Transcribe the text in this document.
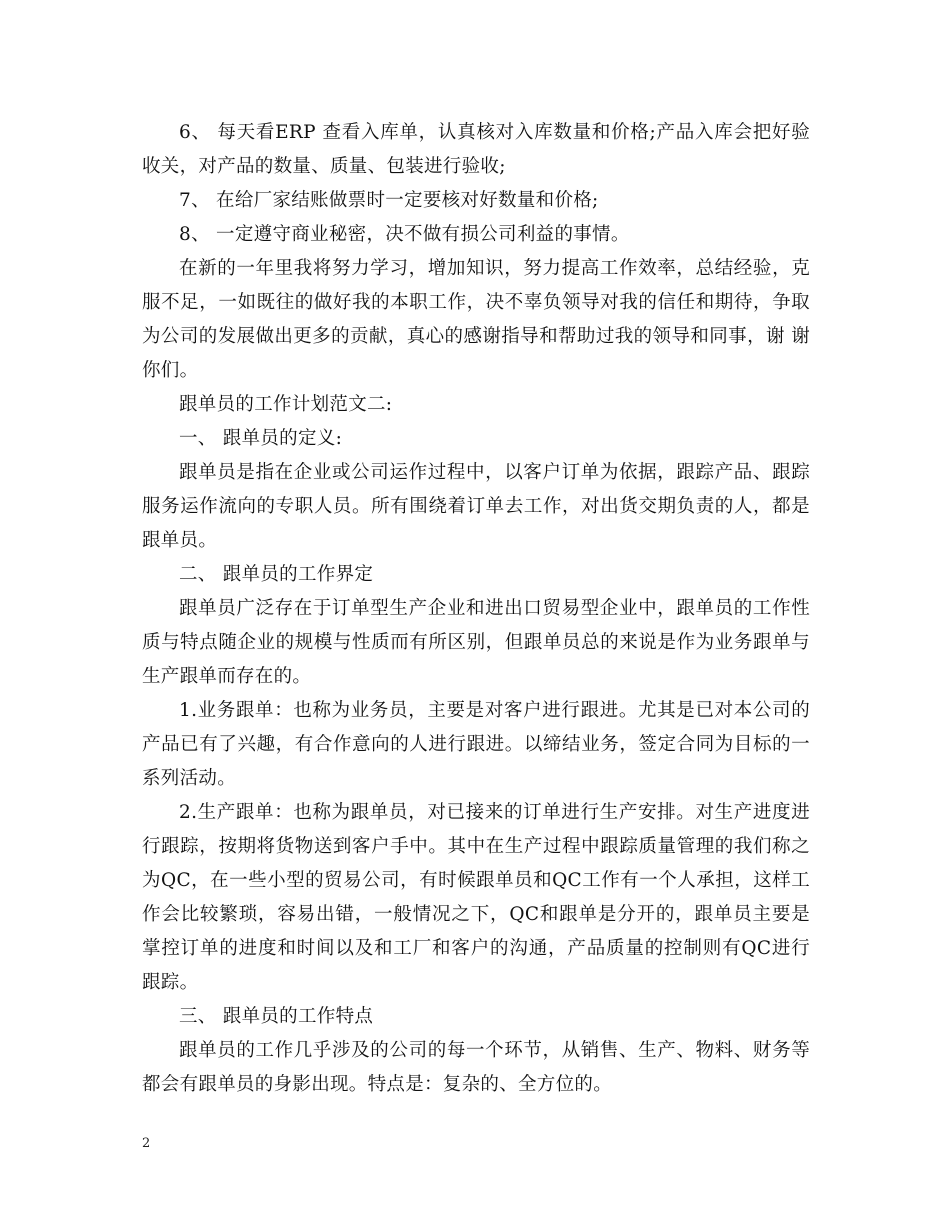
6、 每天看ERP 查看入库单，认真核对入库数量和价格;产品入库会把好验收关，对产品的数量、质量、包装进行验收;

7、 在给厂家结账做票时一定要核对好数量和价格;

8、 一定遵守商业秘密，决不做有损公司利益的事情。

在新的一年里我将努力学习，增加知识，努力提高工作效率，总结经验，克服不足，一如既往的做好我的本职工作，决不辜负领导对我的信任和期待，争取 为公司的发展做出更多的贡献，真心的感谢指导和帮助过我的领导和同事，谢 谢你们。

跟单员的工作计划范文二:

一、 跟单员的定义:

跟单员是指在企业或公司运作过程中，以客户订单为依据，跟踪产品、跟踪服务运作流向的专职人员。所有围绕着订单去工作，对出货交期负责的人，都是跟单员。

二、 跟单员的工作界定

跟单员广泛存在于订单型生产企业和进出口贸易型企业中，跟单员的工作性质与特点随企业的规模与性质而有所区别，但跟单员总的来说是作为业务跟单与生产跟单而存在的。

1.业务跟单：也称为业务员，主要是对客户进行跟进。尤其是已对本公司的产品已有了兴趣，有合作意向的人进行跟进。以缔结业务，签定合同为目标的一系列活动。

2.生产跟单：也称为跟单员，对已接来的订单进行生产安排。对生产进度进行跟踪，按期将货物送到客户手中。其中在生产过程中跟踪质量管理的我们称之为QC，在一些小型的贸易公司，有时候跟单员和QC工作有一个人承担，这样工作会比较繁琐，容易出错，一般情况之下，QC和跟单是分开的，跟单员主要是掌控订单的进度和时间以及和工厂和客户的沟通，产品质量的控制则有QC进行跟踪。

三、 跟单员的工作特点

跟单员的工作几乎涉及的公司的每一个环节，从销售、生产、物料、财务等都会有跟单员的身影出现。特点是：复杂的、全方位的。

2
